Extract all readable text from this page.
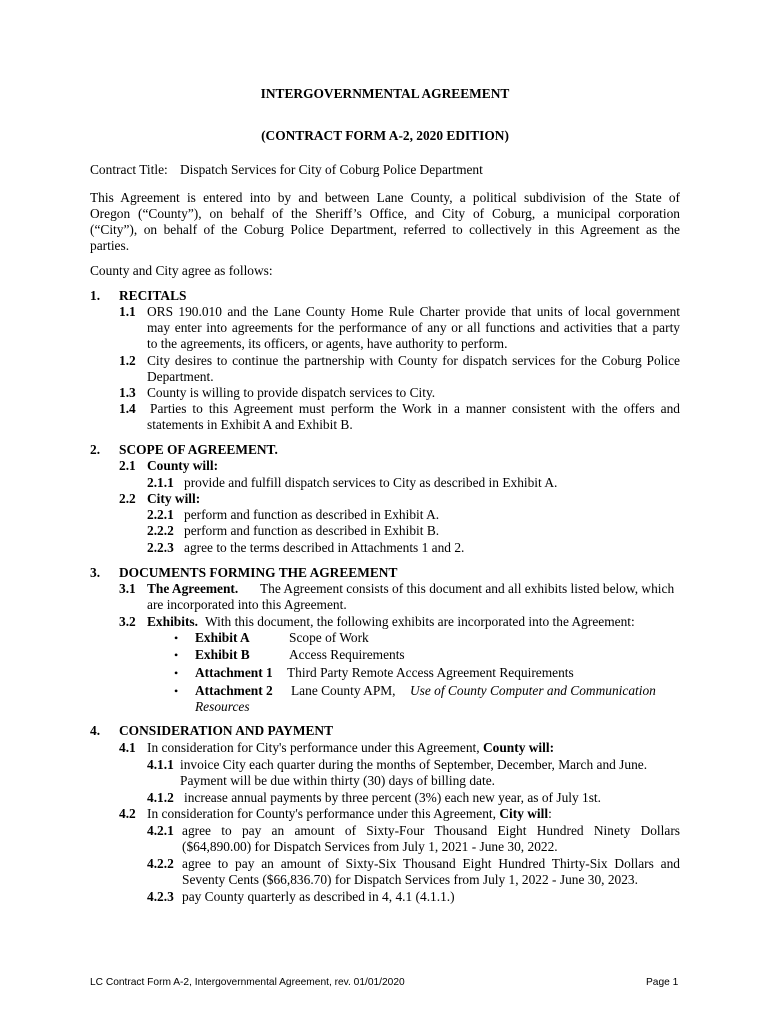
INTERGOVERNMENTAL AGREEMENT
(CONTRACT FORM A-2, 2020 EDITION)
Contract Title: Dispatch Services for City of Coburg Police Department
This Agreement is entered into by and between Lane County, a political subdivision of the State of
Oregon (“County”), on behalf of the Sheriff’s Office, and City of Coburg, a municipal corporation
(“City”), on behalf of the Coburg Police Department, referred to collectively in this Agreement as the
parties.
County and City agree as follows:
1. RECITALS
1.1 ORS 190.010 and the Lane County Home Rule Charter provide that units of local government
may enter into agreements for the performance of any or all functions and activities that a party
to the agreements, its officers, or agents, have authority to perform.
1.2 City desires to continue the partnership with County for dispatch services for the Coburg Police
Department.
1.3 County is willing to provide dispatch services to City.
1.4 Parties to this Agreement must perform the Work in a manner consistent with the offers and
statements in Exhibit A and Exhibit B.
2. SCOPE OF AGREEMENT.
2.1 County will:
2.1.1 provide and fulfill dispatch services to City as described in Exhibit A.
2.2 City will:
2.2.1 perform and function as described in Exhibit A.
2.2.2 perform and function as described in Exhibit B.
2.2.3 agree to the terms described in Attachments 1 and 2.
3. DOCUMENTS FORMING THE AGREEMENT
3.1 The Agreement. The Agreement consists of this document and all exhibits listed below, which
are incorporated into this Agreement.
3.2 Exhibits. With this document, the following exhibits are incorporated into the Agreement:
• Exhibit A	Scope of Work
• Exhibit B	Access Requirements
• Attachment 1 Third Party Remote Access Agreement Requirements
• Attachment 2 Lane County APM, Use of County Computer and Communication
Resources
4. CONSIDERATION AND PAYMENT
4.1 In consideration for City's performance under this Agreement, County will:
4.1.1 invoice City each quarter during the months of September, December, March and June.
Payment will be due within thirty (30) days of billing date.
4.1.2 increase annual payments by three percent (3%) each new year, as of July 1st.
4.2 In consideration for County's performance under this Agreement, City will:
4.2.1 agree to pay an amount of Sixty-Four Thousand Eight Hundred Ninety Dollars
($64,890.00) for Dispatch Services from July 1, 2021 - June 30, 2022.
4.2.2 agree to pay an amount of Sixty-Six Thousand Eight Hundred Thirty-Six Dollars and
Seventy Cents ($66,836.70) for Dispatch Services from July 1, 2022 - June 30, 2023.
4.2.3 pay County quarterly as described in 4, 4.1 (4.1.1.)
LC Contract Form A-2, Intergovernmental Agreement, rev. 01/01/2020	Page 1
